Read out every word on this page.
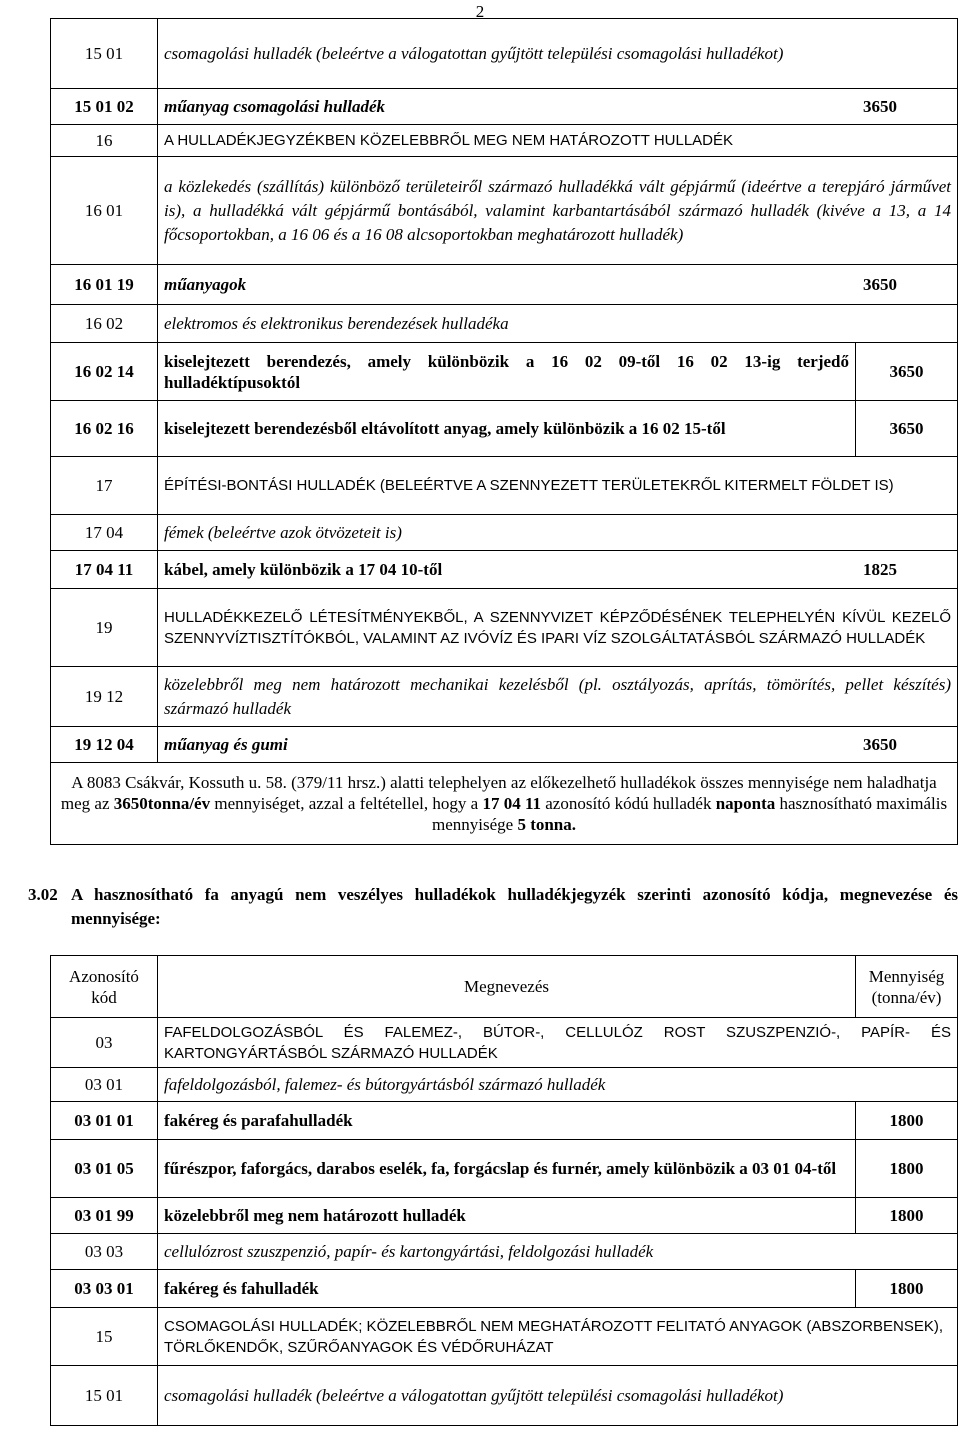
2
15 01	csomagolási hulladék (beleértve a válogatottan gyűjtött települési csomagolási hulladékot)	
15 01 02	műanyag csomagolási hulladék 3650	

16	A HULLADÉKJEGYZÉKBEN KÖZELEBBRŐL MEG NEM HATÁROZOTT HULLADÉK	
16 01	a közlekedés (szállítás) különböző területeiről származó hulladékká vált gépjármű (ideértve a terepjáró járművet is), a hulladékká vált gépjármű bontásából, valamint karbantartásából származó hulladék (kivéve a 13, a 14 főcsoportokban, a 16 06 és a 16 08 alcsoportokban meghatározott hulladék)	
16 01 19	műanyagok 3650	

16 02	elektromos és elektronikus berendezések hulladéka	
16 02 14	kiselejtezett berendezés, amely különbözik a 16 02 09-től 16 02 13-ig terjedő hulladéktípusoktól	3650
16 02 16	kiselejtezett berendezésből eltávolított anyag, amely különbözik a 16 02 15-től	3650
17	ÉPÍTÉSI-BONTÁSI HULLADÉK (BELEÉRTVE A SZENNYEZETT TERÜLETEKRŐL KITERMELT FÖLDET IS)	
17 04	fémek (beleértve azok ötvözeteit is)	
17 04 11	kábel, amely különbözik a 17 04 10-től 1825	

19	HULLADÉKKEZELŐ LÉTESÍTMÉNYEKBŐL, A SZENNYVIZET KÉPZŐDÉSÉNEK TELEPHELYÉN KÍVÜL KEZELŐ SZENNYVÍZTISZTÍTÓKBÓL, VALAMINT AZ IVÓVÍZ ÉS IPARI VÍZ SZOLGÁLTATÁSBÓL SZÁRMAZÓ HULLADÉK	
19 12	közelebbről meg nem határozott mechanikai kezelésből (pl. osztályozás, aprítás, tömörítés, pellet készítés) származó hulladék	
19 12 04	műanyag és gumi 3650	

A 8083 Csákvár, Kossuth u. 58. (379/11 hrsz.) alatti telephelyen az előkezelhető hulladékok összes mennyisége nem haladhatja meg az 3650tonna/év mennyiséget, azzal a feltétellel, hogy a 17 04 11 azonosító kódú hulladék naponta hasznosítható maximális mennyisége 5 tonna.		
3.02 A hasznosítható fa anyagú nem veszélyes hulladékok hulladékjegyzék szerinti azonosító kódja, megnevezése és mennyisége:
Azonosító
kód	Megnevezés	Mennyiség
(tonna/év)
03	FAFELDOLGOZÁSBÓL ÉS FALEMEZ-, BÚTOR-, CELLULÓZ ROST SZUSZPENZIÓ-, PAPÍR- ÉS KARTONGYÁRTÁSBÓL SZÁRMAZÓ HULLADÉK	
03 01	fafeldolgozásból, falemez- és bútorgyártásból származó hulladék	
03 01 01	fakéreg és parafahulladék	1800
03 01 05	fűrészpor, faforgács, darabos eselék, fa, forgácslap és furnér, amely különbözik a 03 01 04-től	1800
03 01 99	közelebbről meg nem határozott hulladék	1800
03 03	cellulózrost szuszpenzió, papír- és kartongyártási, feldolgozási hulladék	
03 03 01	fakéreg és fahulladék	1800
15	CSOMAGOLÁSI HULLADÉK; KÖZELEBBRŐL NEM MEGHATÁROZOTT FELITATÓ ANYAGOK (ABSZORBENSEK), TÖRLŐKENDŐK, SZŰRŐANYAGOK ÉS VÉDŐRUHÁZAT	
15 01	csomagolási hulladék (beleértve a válogatottan gyűjtött települési csomagolási hulladékot)	
